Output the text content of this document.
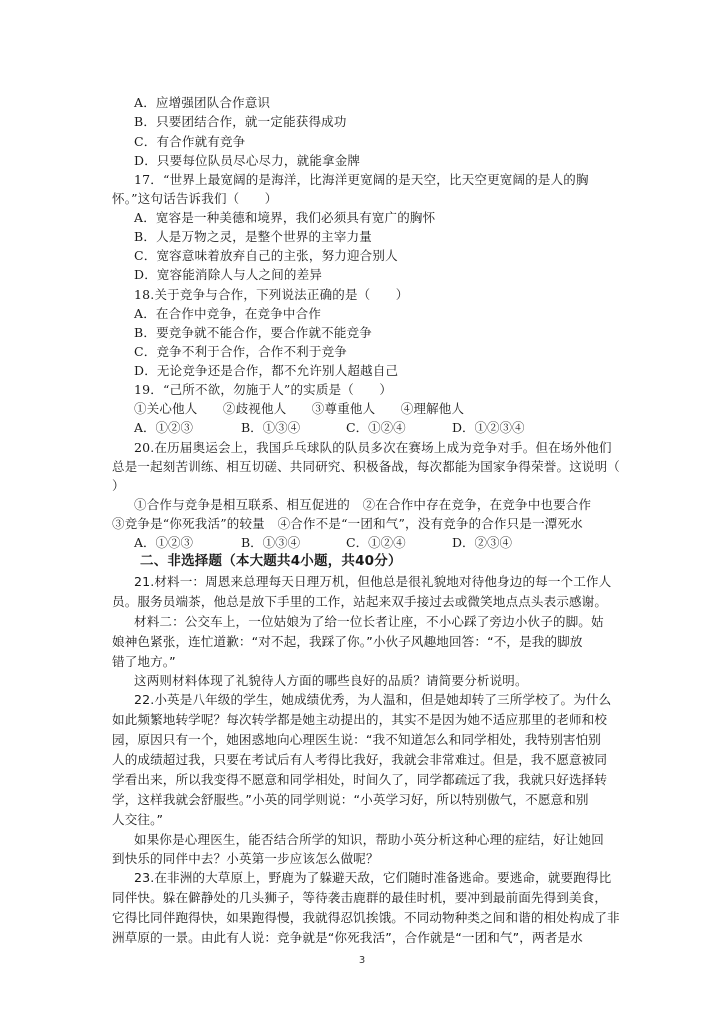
A．应增强团队合作意识
B．只要团结合作，就一定能获得成功
C．有合作就有竞争
D．只要每位队员尽心尽力，就能拿金牌
17．“世界上最宽阔的是海洋，比海洋更宽阔的是天空，比天空更宽阔的是人的胸
怀。”这句话告诉我们（　　）
A．宽容是一种美德和境界，我们必须具有宽广的胸怀
B．人是万物之灵，是整个世界的主宰力量
C．宽容意味着放弃自己的主张，努力迎合别人
D．宽容能消除人与人之间的差异
18.关于竞争与合作，下列说法正确的是（　　）
A．在合作中竞争，在竞争中合作
B．要竞争就不能合作，要合作就不能竞争
C．竞争不利于合作，合作不利于竞争
D．无论竞争还是合作，都不允许别人超越自己
19．“己所不欲，勿施于人”的实质是（　　）
①关心他人　　②歧视他人　　③尊重他人　　④理解他人
A．①②③	B．①③④	C．①②④	D．①②③④
20.在历届奥运会上，我国乒乓球队的队员多次在赛场上成为竞争对手。但在场外他们
总是一起刻苦训练、相互切磋、共同研究、积极备战，每次都能为国家争得荣誉。这说明（
）
①合作与竞争是相互联系、相互促进的　②在合作中存在竞争，在竞争中也要合作
③竞争是“你死我活”的较量　④合作不是“一团和气”，没有竞争的合作只是一潭死水
A．①②③	B．①③④	C．①②④	D．②③④
二、非选择题（本大题共4小题，共40分）
21.材料一：周恩来总理每天日理万机，但他总是很礼貌地对待他身边的每一个工作人
员。服务员端茶，他总是放下手里的工作，站起来双手接过去或微笑地点点头表示感谢。
材料二：公交车上，一位姑娘为了给一位长者让座，不小心踩了旁边小伙子的脚。姑
娘神色紧张，连忙道歉：“对不起，我踩了你。”小伙子风趣地回答：“不，是我的脚放
错了地方。”
这两则材料体现了礼貌待人方面的哪些良好的品质？请简要分析说明。
22.小英是八年级的学生，她成绩优秀，为人温和，但是她却转了三所学校了。为什么
如此频繁地转学呢？每次转学都是她主动提出的，其实不是因为她不适应那里的老师和校
园，原因只有一个，她困惑地向心理医生说：“我不知道怎么和同学相处，我特别害怕别
人的成绩超过我，只要在考试后有人考得比我好，我就会非常难过。但是，我不愿意被同
学看出来，所以我变得不愿意和同学相处，时间久了，同学都疏远了我，我就只好选择转
学，这样我就会舒服些。”小英的同学则说：“小英学习好，所以特别傲气，不愿意和别
人交往。”
如果你是心理医生，能否结合所学的知识，帮助小英分析这种心理的症结，好让她回
到快乐的同伴中去？小英第一步应该怎么做呢？
23.在非洲的大草原上，野鹿为了躲避天敌，它们随时准备逃命。要逃命，就要跑得比
同伴快。躲在僻静处的几头狮子，等待袭击鹿群的最佳时机，要冲到最前面先得到美食，
它得比同伴跑得快，如果跑得慢，我就得忍饥挨饿。不同动物种类之间和谐的相处构成了非
洲草原的一景。由此有人说：竞争就是“你死我活”，合作就是“一团和气”，两者是水
3
